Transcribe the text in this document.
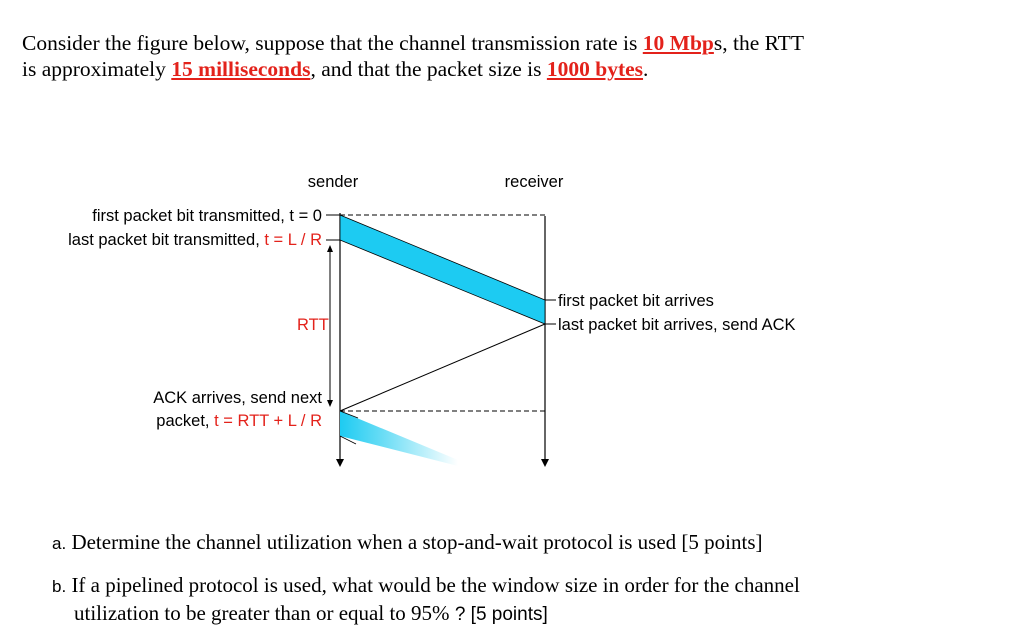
Consider the figure below, suppose that the channel transmission rate is 10 Mbps, the RTT
is approximately 15 milliseconds, and that the packet size is 1000 bytes.
sender	receiver
first packet bit transmitted, t = 0
last packet bit transmitted, t = L / R
RTT
ACK arrives, send next
packet, t = RTT + L / R
first packet bit arrives
last packet bit arrives, send ACK
a. Determine the channel utilization when a stop-and-wait protocol is used [5 points]
b. If a pipelined protocol is used, what would be the window size in order for the channel
utilization to be greater than or equal to 95% ? [5 points]
